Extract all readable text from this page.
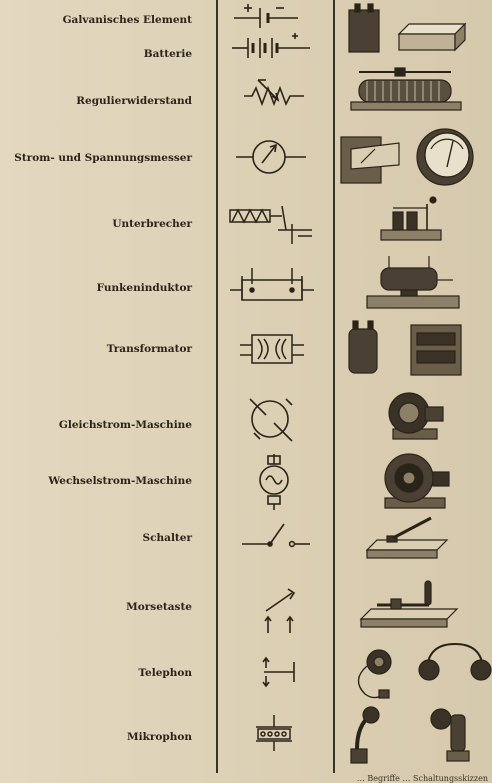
Galvanisches Element
Batterie
Regulierwiderstand
Strom- und Spannungsmesser
Unterbrecher
Funkeninduktor
Transformator
Gleichstrom-Maschine
Wechselstrom-Maschine
Schalter
Morsetaste
Telephon
Mikrophon
… Begriffe … Schaltungsskizzen
